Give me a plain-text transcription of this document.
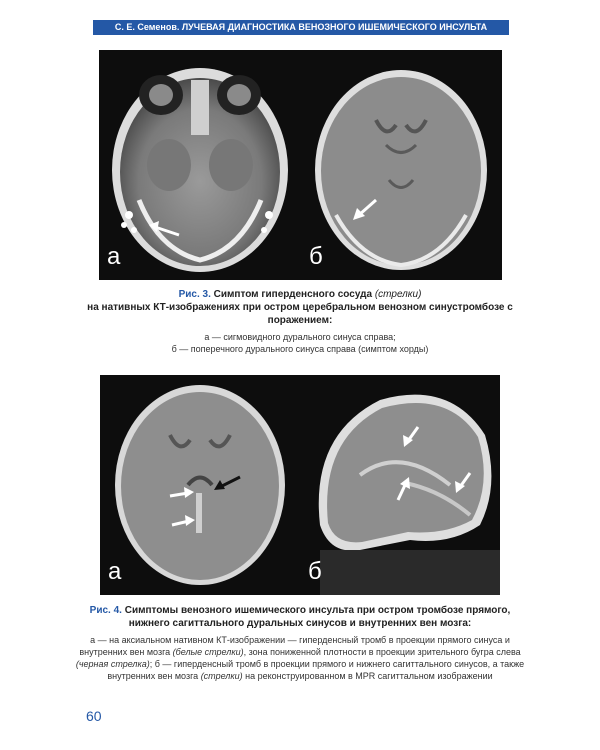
С. Е. Семенов. ЛУЧЕВАЯ ДИАГНОСТИКА ВЕНОЗНОГО ИШЕМИЧЕСКОГО ИНСУЛЬТА
а	б
Рис. 3. Симптом гиперденсного сосуда (стрелки)
на нативных КТ-изображениях при остром церебральном венозном синустромбозе с поражением:
а — сигмовидного дурального синуса справа;
б — поперечного дурального синуса справа (симптом хорды)
а	б
Рис. 4. Симптомы венозного ишемического инсульта при остром тромбозе прямого, нижнего сагиттального дуральных синусов и внутренних вен мозга:
а — на аксиальном нативном КТ-изображении — гиперденсный тромб в проекции прямого синуса и внутренних вен мозга (белые стрелки), зона пониженной плотности в проекции зрительного бугра слева (черная стрелка); б — гиперденсный тромб в проекции прямого и нижнего сагиттального синусов, а также внутренних вен мозга (стрелки) на реконструированном в MPR сагиттальном изображении
60
